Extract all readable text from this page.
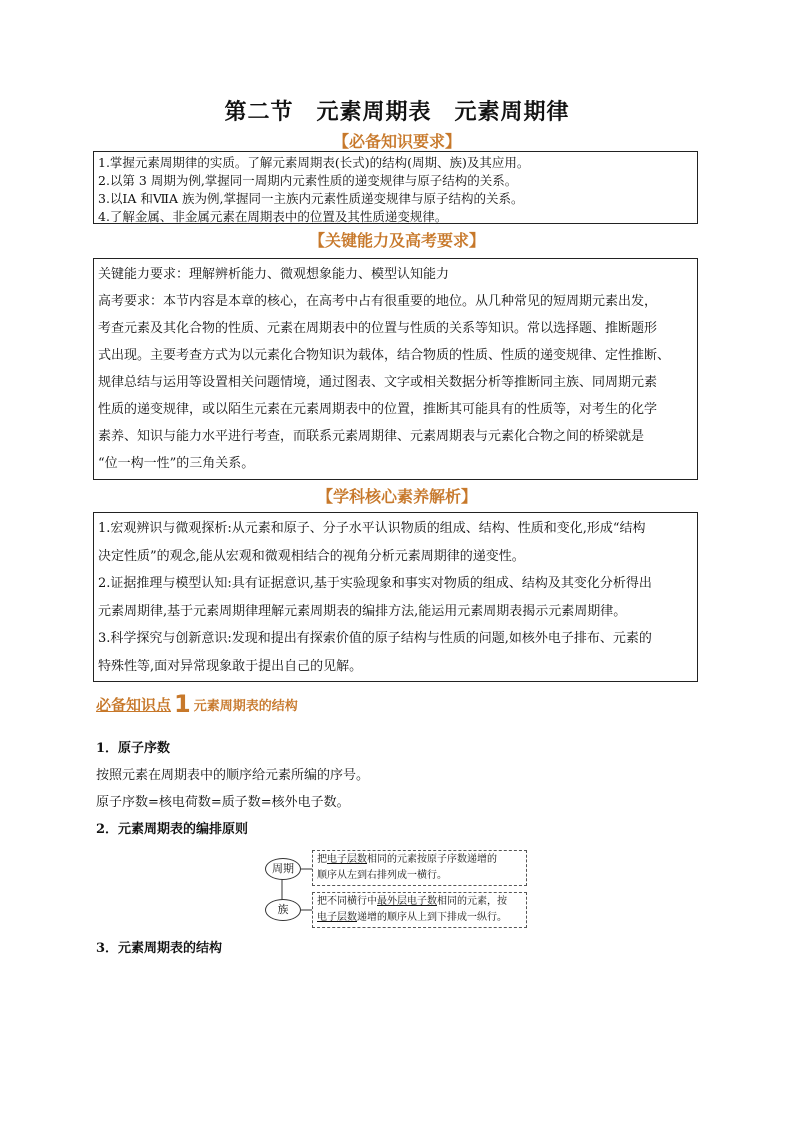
第二节　元素周期表　元素周期律
【必备知识要求】

1.掌握元素周期律的实质。了解元素周期表(长式)的结构(周期、族)及其应用。

2.以第 3 周期为例,掌握同一周期内元素性质的递变规律与原子结构的关系。

3.以ⅠA 和ⅦA 族为例,掌握同一主族内元素性质递变规律与原子结构的关系。

4.了解金属、非金属元素在周期表中的位置及其性质递变规律。

【关键能力及高考要求】

关键能力要求：理解辨析能力、微观想象能力、模型认知能力

高考要求：本节内容是本章的核心，在高考中占有很重要的地位。从几种常见的短周期元素出发，

考查元素及其化合物的性质、元素在周期表中的位置与性质的关系等知识。常以选择题、推断题形

式出现。主要考查方式为以元素化合物知识为载体，结合物质的性质、性质的递变规律、定性推断、

规律总结与运用等设置相关问题情境，通过图表、文字或相关数据分析等推断同主族、同周期元素

性质的递变规律，或以陌生元素在元素周期表中的位置，推断其可能具有的性质等，对考生的化学

素养、知识与能力水平进行考查，而联系元素周期律、元素周期表与元素化合物之间的桥梁就是

“位一构一性”的三角关系。

【学科核心素养解析】

1.宏观辨识与微观探析:从元素和原子、分子水平认识物质的组成、结构、性质和变化,形成“结构

决定性质”的观念,能从宏观和微观相结合的视角分析元素周期律的递变性。

2.证据推理与模型认知:具有证据意识,基于实验现象和事实对物质的组成、结构及其变化分析得出

元素周期律,基于元素周期律理解元素周期表的编排方法,能运用元素周期表揭示元素周期律。

3.科学探究与创新意识:发现和提出有探索价值的原子结构与性质的问题,如核外电子排布、元素的

特殊性等,面对异常现象敢于提出自己的见解。

必备知识点 1 元素周期表的结构
1．原子序数
按照元素在周期表中的顺序给元素所编的序号。
原子序数=核电荷数=质子数=核外电子数。
2．元素周期表的编排原则
周期
族
把电子层数相同的元素按原子序数递增的
顺序从左到右排列成一横行。
把不同横行中最外层电子数相同的元素，按
电子层数递增的顺序从上到下排成一纵行。
3．元素周期表的结构
